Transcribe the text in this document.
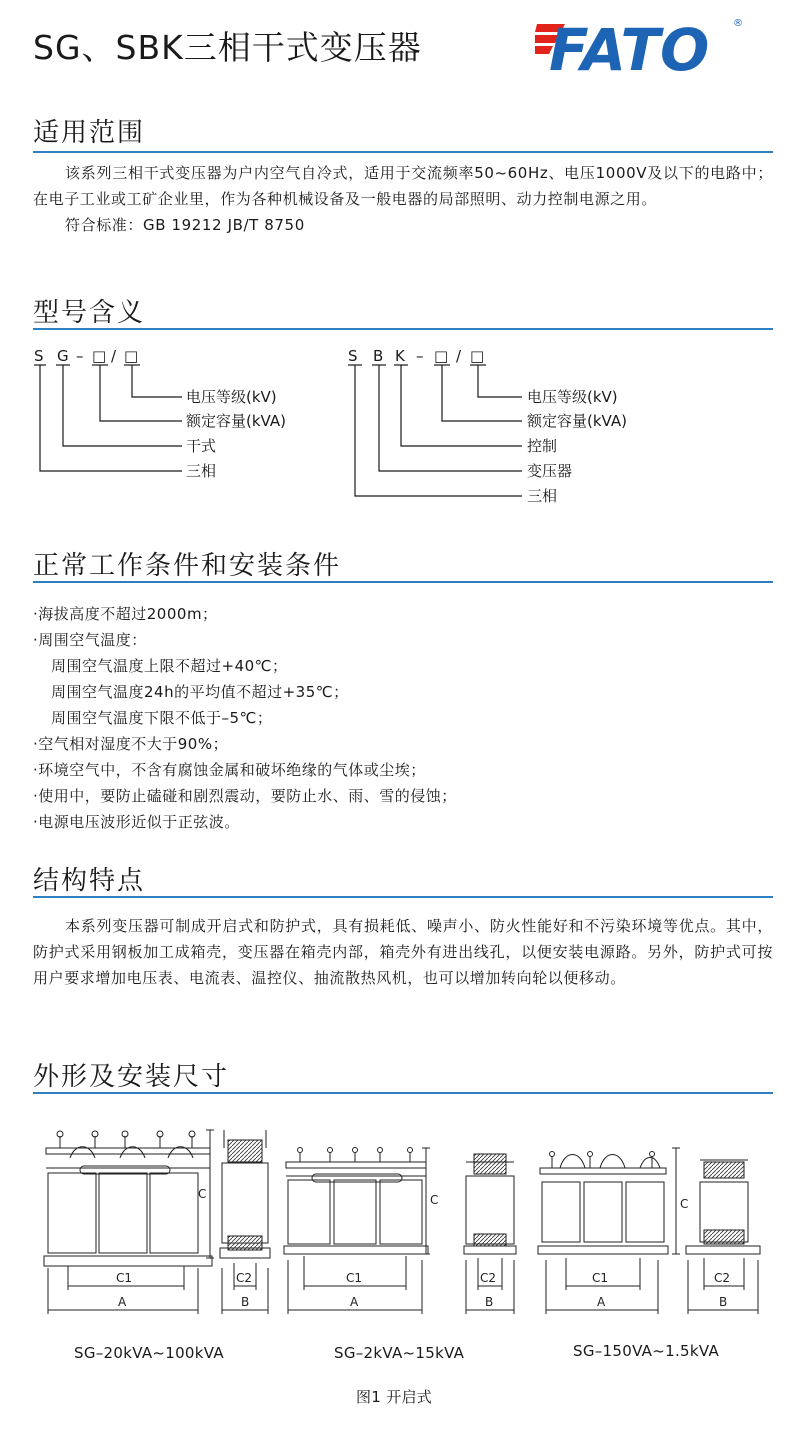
SG、SBK三相干式变压器 FATO ®
适用范围

该系列三相干式变压器为户内空气自冷式，适用于交流频率50~60Hz、电压1000V及以下的电路中；在电子工业或工矿企业里，作为各种机械设备及一般电器的局部照明、动力控制电源之用。

符合标准：GB 19212 JB/T 8750

型号含义
S G – □ / □
电压等级(kV)
额定容量(kVA)
干式
三相
S B K – □ / □
电压等级(kV)
额定容量(kVA)
控制
变压器
三相
正常工作条件和安装条件

·海拔高度不超过2000m；

·周围空气温度：

周围空气温度上限不超过+40℃；

周围空气温度24h的平均值不超过+35℃；

周围空气温度下限不低于–5℃；

·空气相对湿度不大于90%；

·环境空气中，不含有腐蚀金属和破坏绝缘的气体或尘埃；

·使用中，要防止磕碰和剧烈震动，要防止水、雨、雪的侵蚀；

·电源电压波形近似于正弦波。

结构特点

本系列变压器可制成开启式和防护式，具有损耗低、噪声小、防火性能好和不污染环境等优点。其中，防护式采用钢板加工成箱壳，变压器在箱壳内部，箱壳外有进出线孔，以便安装电源路。另外，防护式可按用户要求增加电压表、电流表、温控仪、抽流散热风机，也可以增加转向轮以便移动。

外形及安装尺寸
C1
A
C2
B
C
C1
A
C2
B
C
C1
A
C2
B
C
SG–20kVA~100kVA	SG–2kVA~15kVA	SG–150VA~1.5kVA
图1 开启式
